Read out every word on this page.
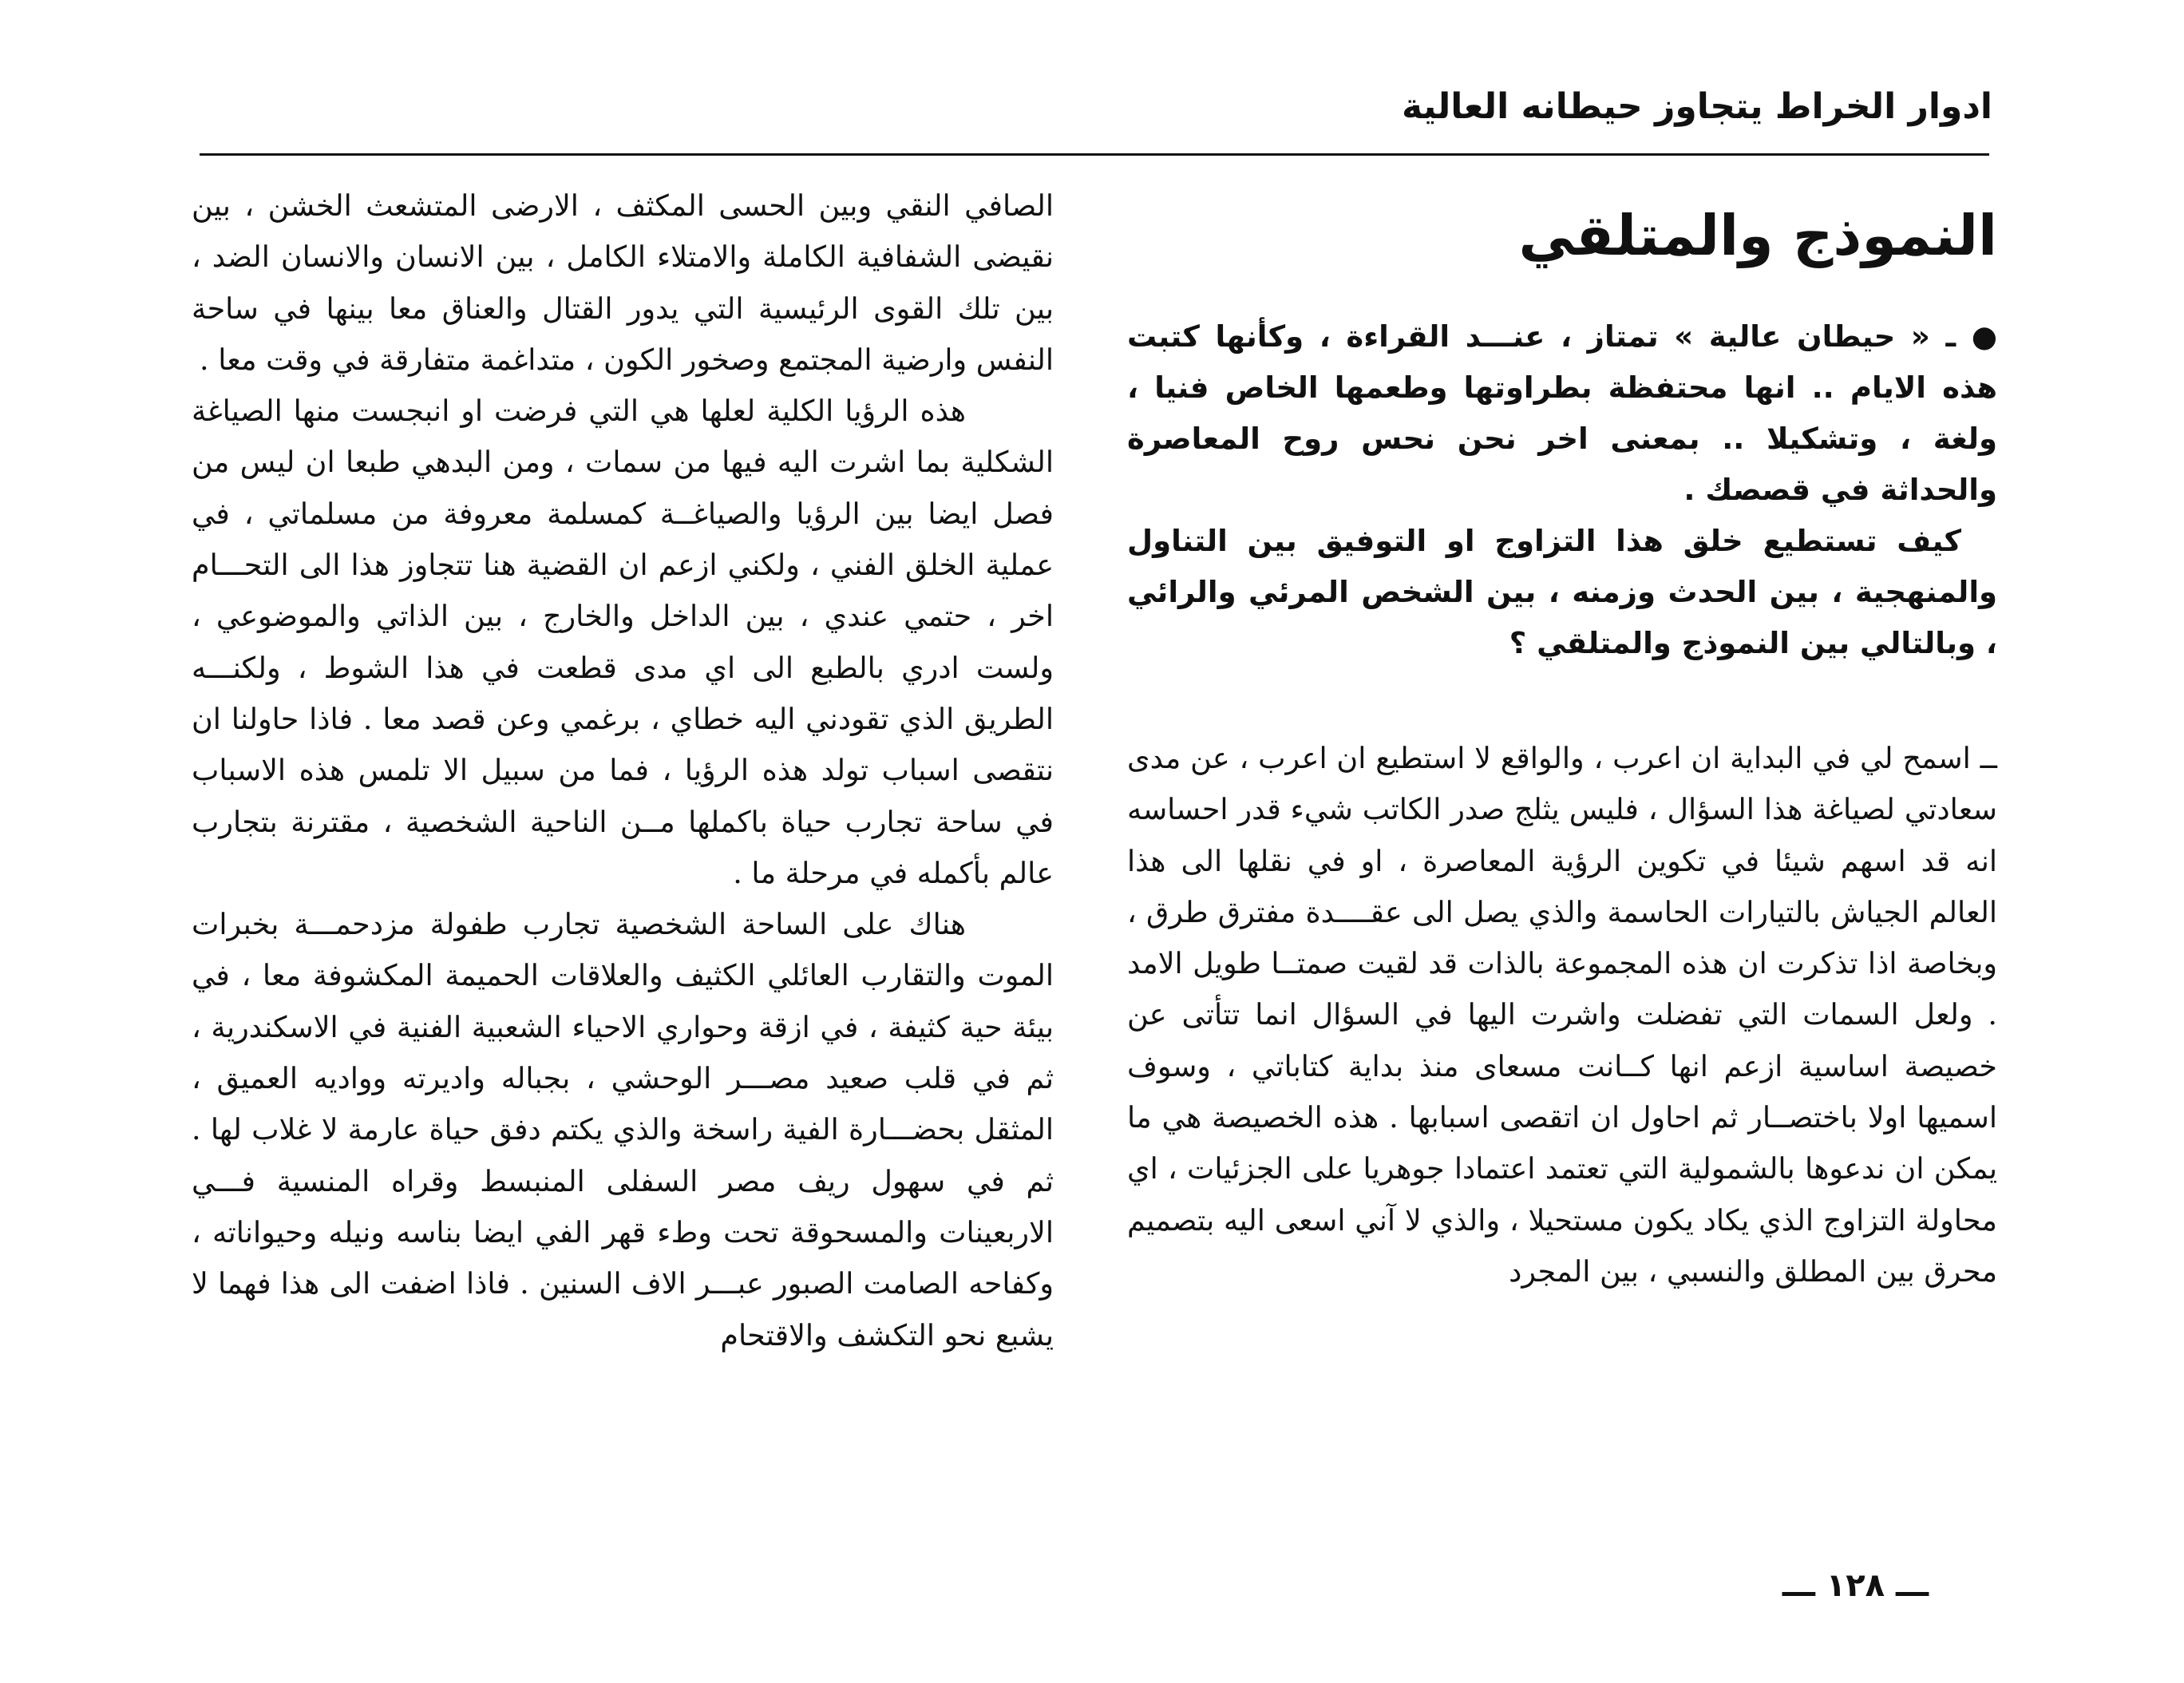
ادوار الخراط يتجاوز حيطانه العالية
النموذج والمتلقي

● ـ « حيطان عالية » تمتاز ، عنـــد القراءة ، وكأنها كتبت هذه الايام .. انها محتفظة بطراوتها وطعمها الخاص فنيا ، ولغة ، وتشكيلا .. بمعنى اخر نحن نحس روح المعاصرة والحداثة في قصصك .

كيف تستطيع خلق هذا التزاوج او التوفيق بين التناول والمنهجية ، بين الحدث وزمنه ، بين الشخص المرئي والرائي ، وبالتالي بين النموذج والمتلقي ؟

ــ اسمح لي في البداية ان اعرب ، والواقع لا استطيع ان اعرب ، عن مدى سعادتي لصياغة هذا السؤال ، فليس يثلج صدر الكاتب شيء قدر احساسه انه قد اسهم شيئا في تكوين الرؤية المعاصرة ، او في نقلها الى هذا العالم الجياش بالتيارات الحاسمة والذي يصل الى عقــــدة مفترق طرق ، وبخاصة اذا تذكرت ان هذه المجموعة بالذات قد لقيت صمتــا طويل الامد . ولعل السمات التي تفضلت واشرت اليها في السؤال انما تتأتى عن خصيصة اساسية ازعم انها كــانت مسعاى منذ بداية كتاباتي ، وسوف اسميها اولا باختصــار ثم احاول ان اتقصى اسبابها . هذه الخصيصة هي ما يمكن ان ندعوها بالشمولية التي تعتمد اعتمادا جوهريا على الجزئيات ، اي محاولة التزاوج الذي يكاد يكون مستحيلا ، والذي لا آني اسعى اليه بتصميم محرق بين المطلق والنسبي ، بين المجرد

الصافي النقي وبين الحسى المكثف ، الارضى المتشعث الخشن ، بين نقيضى الشفافية الكاملة والامتلاء الكامل ، بين الانسان والانسان الضد ، بين تلك القوى الرئيسية التي يدور القتال والعناق معا بينها في ساحة النفس وارضية المجتمع وصخور الكون ، متداغمة متفارقة في وقت معا .

هذه الرؤيا الكلية لعلها هي التي فرضت او انبجست منها الصياغة الشكلية بما اشرت اليه فيها من سمات ، ومن البدهي طبعا ان ليس من فصل ايضا بين الرؤيا والصياغــة كمسلمة معروفة من مسلماتي ، في عملية الخلق الفني ، ولكني ازعم ان القضية هنا تتجاوز هذا الى التحـــام اخر ، حتمي عندي ، بين الداخل والخارج ، بين الذاتي والموضوعي ، ولست ادري بالطبع الى اي مدى قطعت في هذا الشوط ، ولكنـــه الطريق الذي تقودني اليه خطاي ، برغمي وعن قصد معا . فاذا حاولنا ان نتقصى اسباب تولد هذه الرؤيا ، فما من سبيل الا تلمس هذه الاسباب في ساحة تجارب حياة باكملها مــن الناحية الشخصية ، مقترنة بتجارب عالم بأكمله في مرحلة ما .

هناك على الساحة الشخصية تجارب طفولة مزدحمـــة بخبرات الموت والتقارب العائلي الكثيف والعلاقات الحميمة المكشوفة معا ، في بيئة حية كثيفة ، في ازقة وحواري الاحياء الشعبية الفنية في الاسكندرية ، ثم في قلب صعيد مصـــر الوحشي ، بجباله واديرته وواديه العميق ، المثقل بحضـــارة الفية راسخة والذي يكتم دفق حياة عارمة لا غلاب لها . ثم في سهول ريف مصر السفلى المنبسط وقراه المنسية فـــي الاربعينات والمسحوقة تحت وطء قهر الفي ايضا بناسه ونيله وحيواناته ، وكفاحه الصامت الصبور عبـــر الاف السنين . فاذا اضفت الى هذا فهما لا يشبع نحو التكشف والاقتحام

ـــ ١٢٨ ـــ
